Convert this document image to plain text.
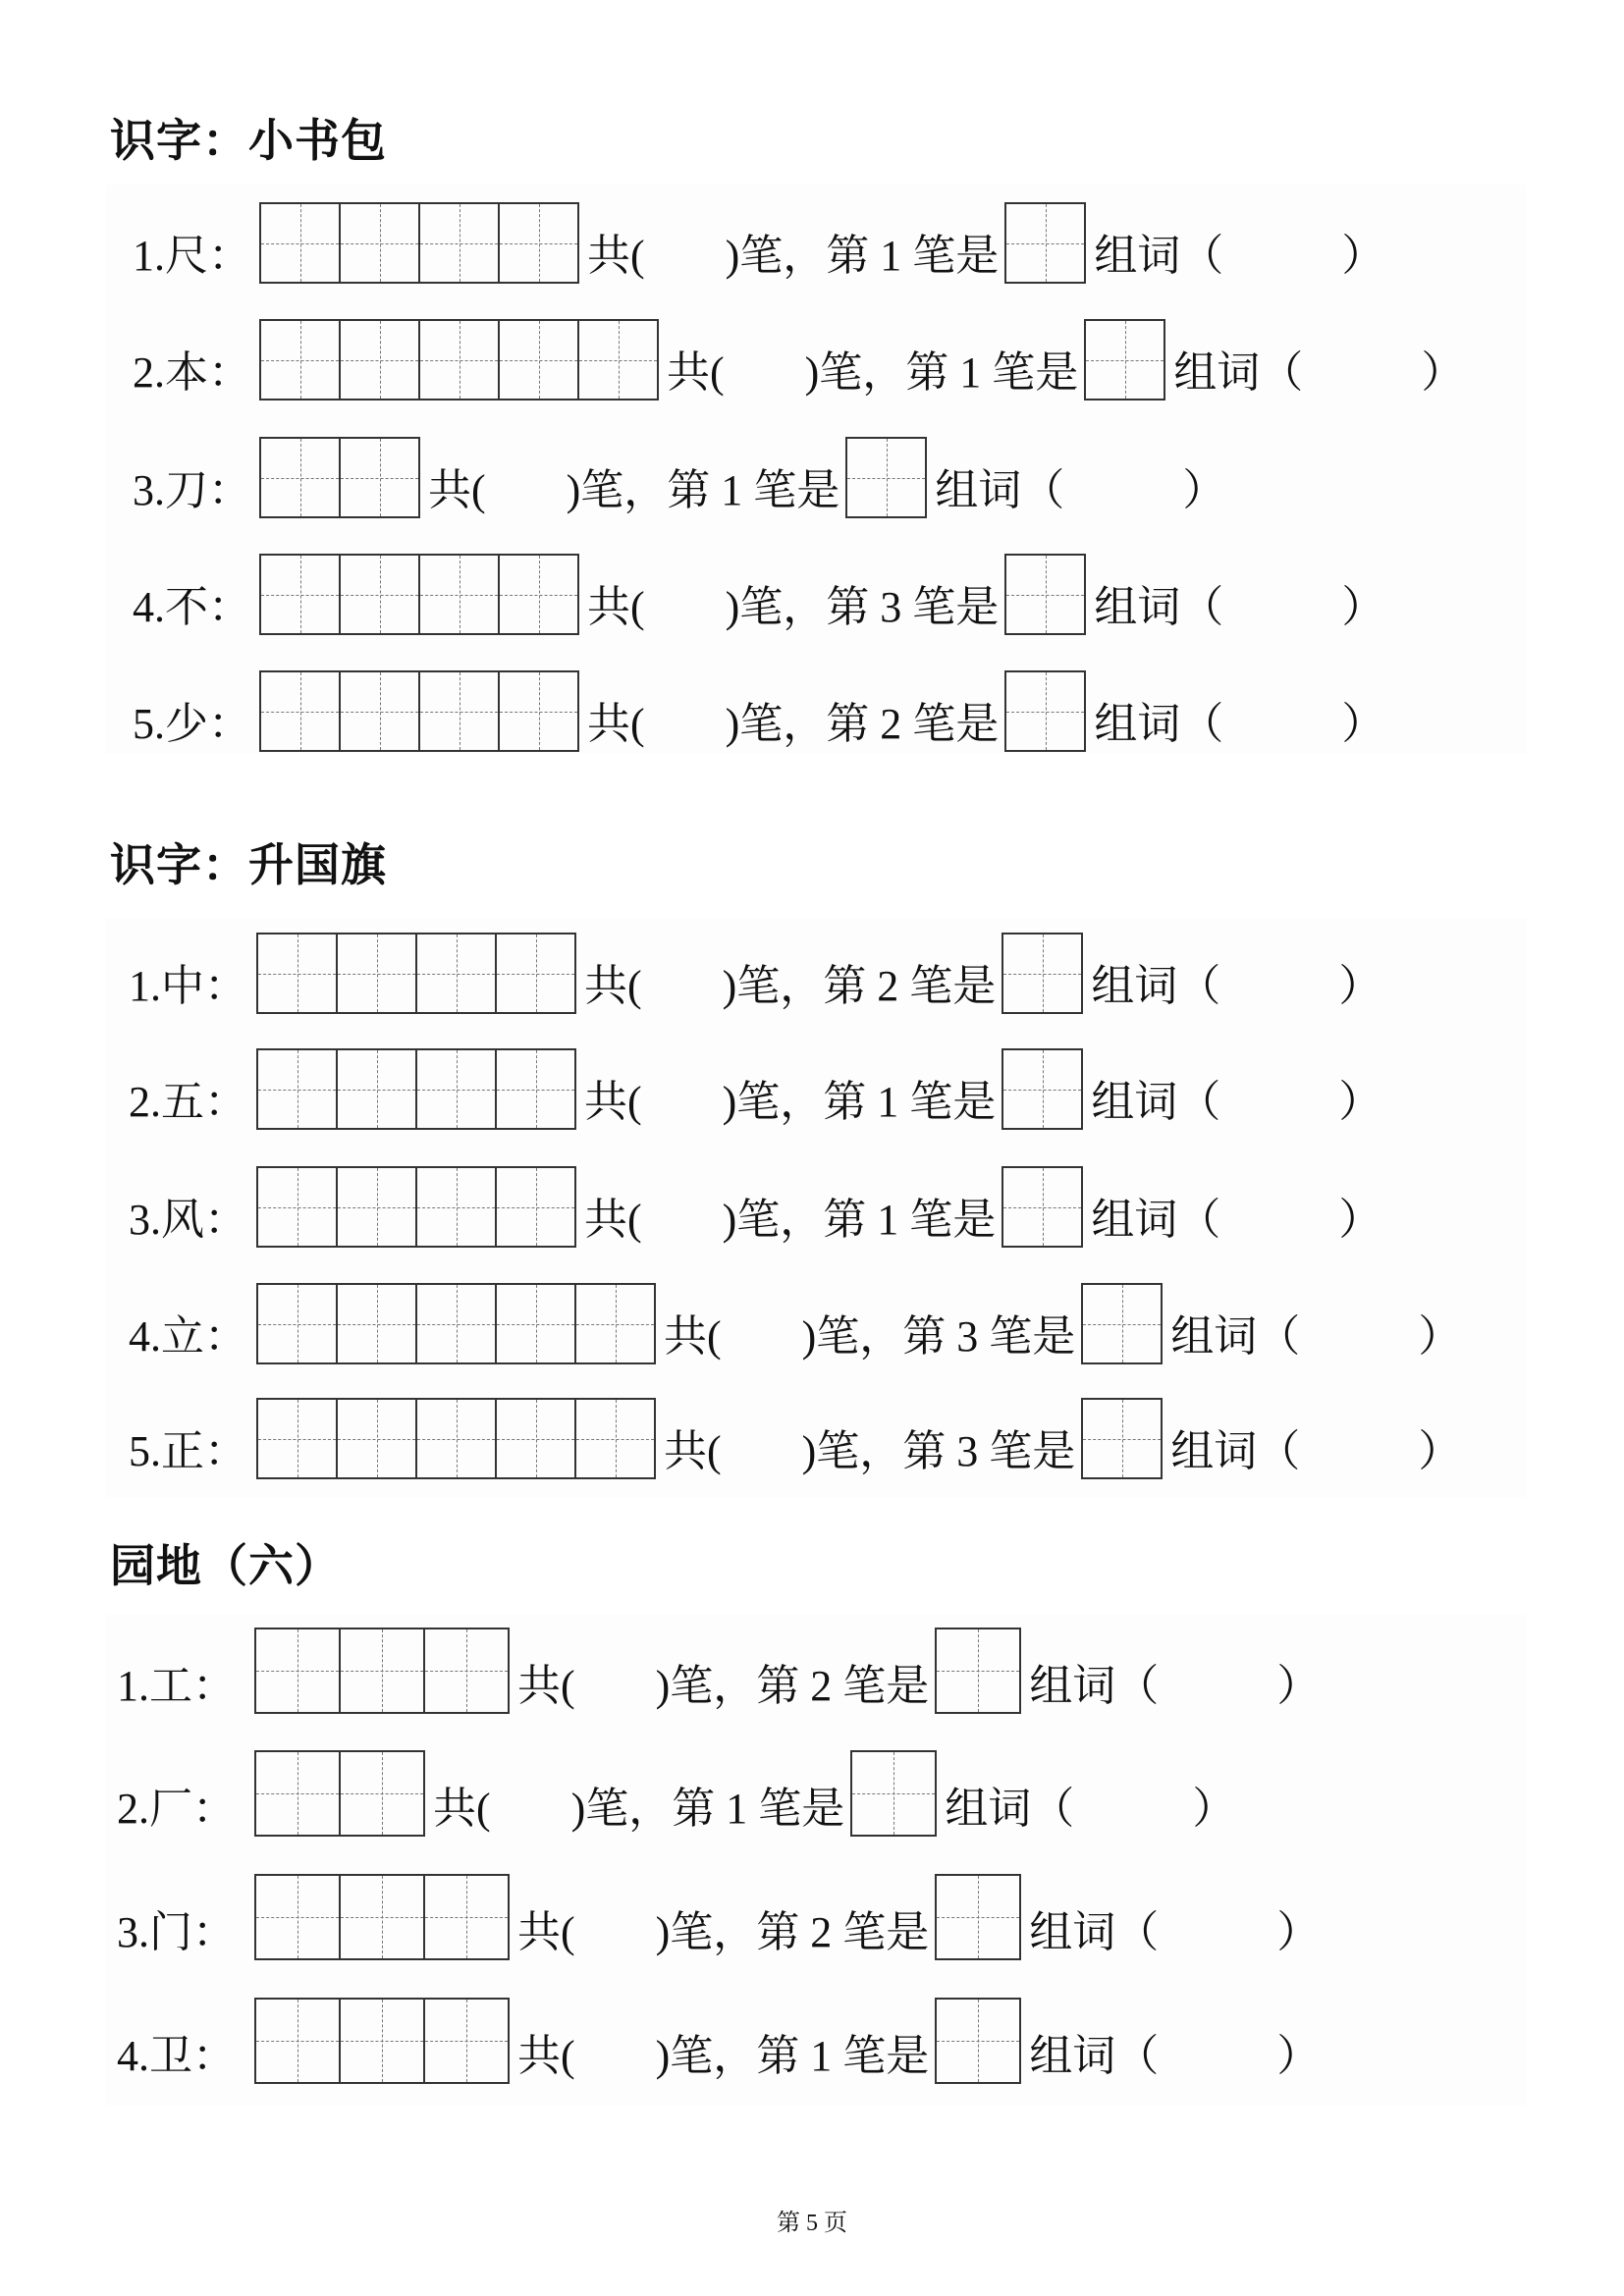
识字：小书包
识字：升国旗
园地（六）
1.尺：	共( )笔， 第 1 笔是 组词（	）
2.本：	共( )笔， 第 1 笔是 组词（	）
3.刀：	共( )笔， 第 1 笔是 组词（	）
4.不：	共( )笔， 第 3 笔是 组词（	）
5.少：	共( )笔， 第 2 笔是 组词（	）
1.中：	共( )笔， 第 2 笔是 组词（	）
2.五：	共( )笔， 第 1 笔是 组词（	）
3.风：	共( )笔， 第 1 笔是 组词（	）
4.立：	共( )笔， 第 3 笔是 组词（	）
5.正：	共( )笔， 第 3 笔是 组词（	）
1.工：	共( )笔， 第 2 笔是 组词（	）
2.厂：	共( )笔， 第 1 笔是 组词（	）
3.门：	共( )笔， 第 2 笔是 组词（	）
4.卫：	共( )笔， 第 1 笔是 组词（	）
第 5 页
